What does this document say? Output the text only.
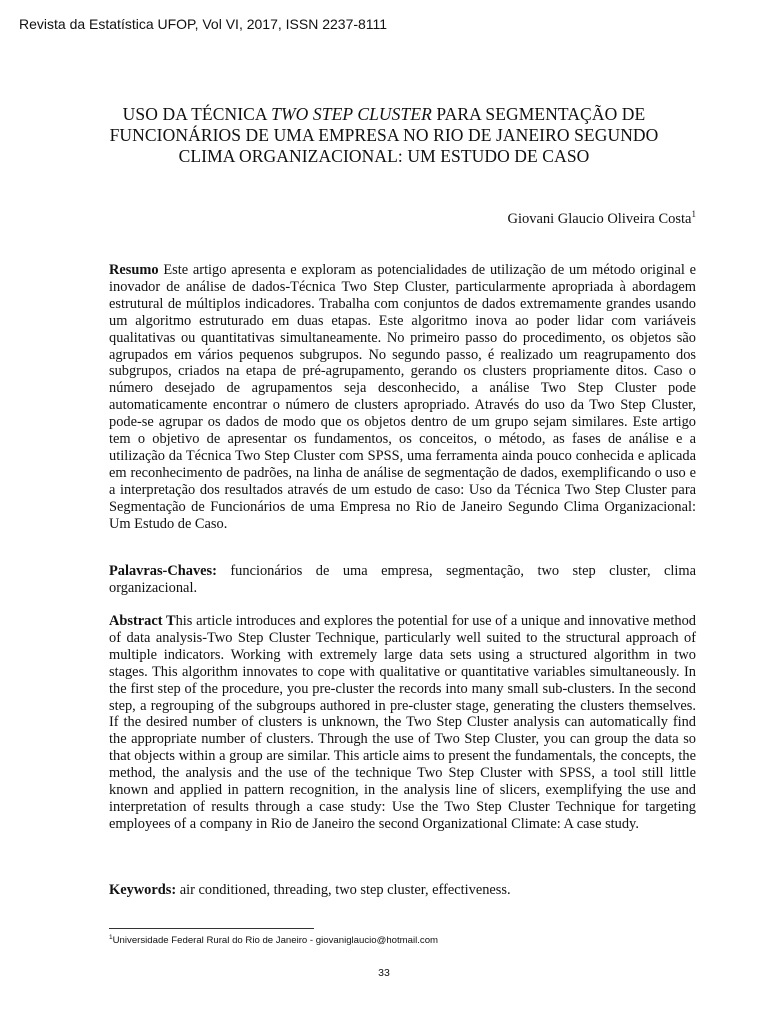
Revista da Estatística UFOP, Vol VI, 2017, ISSN 2237-8111
USO DA TÉCNICA TWO STEP CLUSTER PARA SEGMENTAÇÃO DE FUNCIONÁRIOS DE UMA EMPRESA NO RIO DE JANEIRO SEGUNDO CLIMA ORGANIZACIONAL: UM ESTUDO DE CASO
Giovani Glaucio Oliveira Costa$^1$
Resumo Este artigo apresenta e exploram as potencialidades de utilização de um método original e inovador de análise de dados-Técnica Two Step Cluster, particularmente apropriada à abordagem estrutural de múltiplos indicadores. Trabalha com conjuntos de dados extremamente grandes usando um algoritmo estruturado em duas etapas. Este algoritmo inova ao poder lidar com variáveis qualitativas ou quantitativas simultaneamente. No primeiro passo do procedimento, os objetos são agrupados em vários pequenos subgrupos. No segundo passo, é realizado um reagrupamento dos subgrupos, criados na etapa de pré-agrupamento, gerando os clusters propriamente ditos. Caso o número desejado de agrupamentos seja desconhecido, a análise Two Step Cluster pode automaticamente encontrar o número de clusters apropriado. Através do uso da Two Step Cluster, pode-se agrupar os dados de modo que os objetos dentro de um grupo sejam similares. Este artigo tem o objetivo de apresentar os fundamentos, os conceitos, o método, as fases de análise e a utilização da Técnica Two Step Cluster com SPSS, uma ferramenta ainda pouco conhecida e aplicada em reconhecimento de padrões, na linha de análise de segmentação de dados, exemplificando o uso e a interpretação dos resultados através de um estudo de caso: Uso da Técnica Two Step Cluster para Segmentação de Funcionários de uma Empresa no Rio de Janeiro Segundo Clima Organizacional: Um Estudo de Caso.
Palavras-Chaves: funcionários de uma empresa, segmentação, two step cluster, clima organizacional.
Abstract This article introduces and explores the potential for use of a unique and innovative method of data analysis-Two Step Cluster Technique, particularly well suited to the structural approach of multiple indicators. Working with extremely large data sets using a structured algorithm in two stages. This algorithm innovates to cope with qualitative or quantitative variables simultaneously. In the first step of the procedure, you pre-cluster the records into many small sub-clusters. In the second step, a regrouping of the subgroups authored in pre-cluster stage, generating the clusters themselves. If the desired number of clusters is unknown, the Two Step Cluster analysis can automatically find the appropriate number of clusters. Through the use of Two Step Cluster, you can group the data so that objects within a group are similar. This article aims to present the fundamentals, the concepts, the method, the analysis and the use of the technique Two Step Cluster with SPSS, a tool still little known and applied in pattern recognition, in the analysis line of slicers, exemplifying the use and interpretation of results through a case study: Use the Two Step Cluster Technique for targeting employees of a company in Rio de Janeiro the second Organizational Climate: A case study.
Keywords: air conditioned, threading, two step cluster, effectiveness.
$^1$Universidade Federal Rural do Rio de Janeiro - giovaniglaucio@hotmail.com
33
